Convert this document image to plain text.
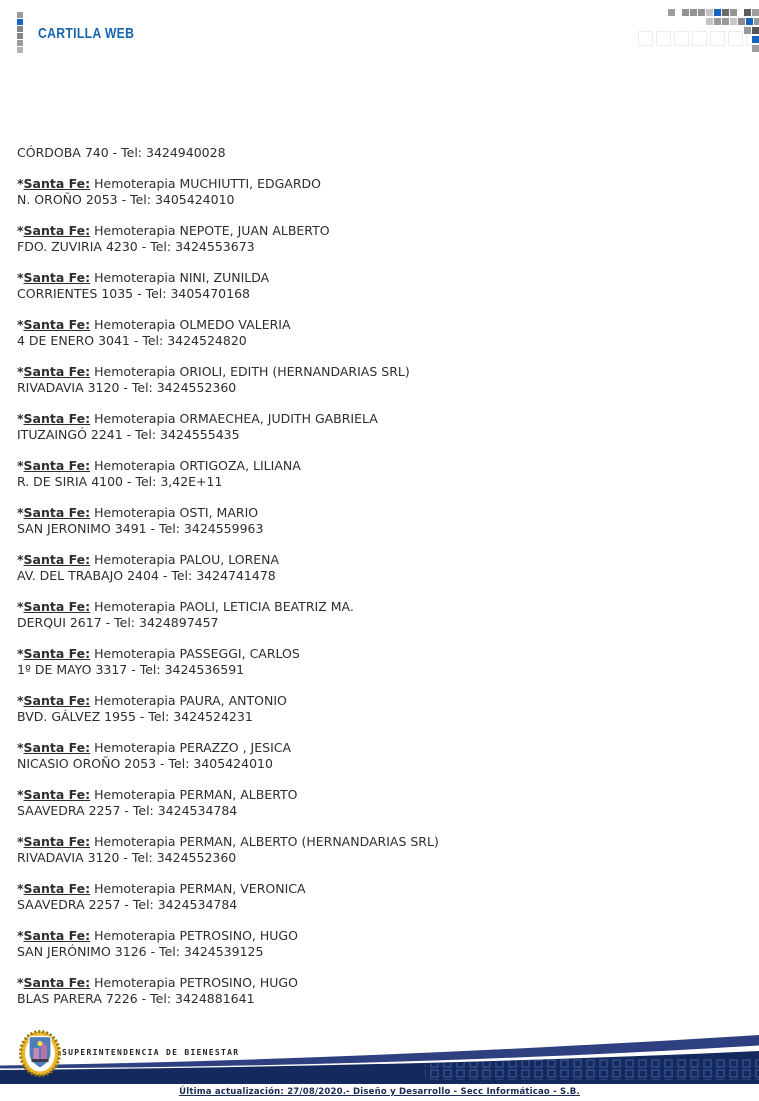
CARTILLA WEB
CÓRDOBA 740 - Tel: 3424940028
*Santa Fe: Hemoterapia MUCHIUTTI, EDGARDO
N. OROÑO 2053 - Tel: 3405424010
*Santa Fe: Hemoterapia NEPOTE, JUAN ALBERTO
FDO. ZUVIRIA 4230 - Tel: 3424553673
*Santa Fe: Hemoterapia NINI, ZUNILDA
CORRIENTES 1035 - Tel: 3405470168
*Santa Fe: Hemoterapia OLMEDO VALERIA
4 DE ENERO 3041 - Tel: 3424524820
*Santa Fe: Hemoterapia ORIOLI, EDITH (HERNANDARIAS SRL)
RIVADAVIA 3120 - Tel: 3424552360
*Santa Fe: Hemoterapia ORMAECHEA, JUDITH GABRIELA
ITUZAINGÓ 2241 - Tel: 3424555435
*Santa Fe: Hemoterapia ORTIGOZA, LILIANA
R. DE SIRIA 4100 - Tel: 3,42E+11
*Santa Fe: Hemoterapia OSTI, MARIO
SAN JERONIMO 3491 - Tel: 3424559963
*Santa Fe: Hemoterapia PALOU, LORENA
AV. DEL TRABAJO 2404 - Tel: 3424741478
*Santa Fe: Hemoterapia PAOLI, LETICIA BEATRIZ MA.
DERQUI 2617 - Tel: 3424897457
*Santa Fe: Hemoterapia PASSEGGI, CARLOS
1º DE MAYO 3317 - Tel: 3424536591
*Santa Fe: Hemoterapia PAURA, ANTONIO
BVD. GÁLVEZ 1955 - Tel: 3424524231
*Santa Fe: Hemoterapia PERAZZO , JESICA
NICASIO OROÑO 2053 - Tel: 3405424010
*Santa Fe: Hemoterapia PERMAN, ALBERTO
SAAVEDRA 2257 - Tel: 3424534784
*Santa Fe: Hemoterapia PERMAN, ALBERTO (HERNANDARIAS SRL)
RIVADAVIA 3120 - Tel: 3424552360
*Santa Fe: Hemoterapia PERMAN, VERONICA
SAAVEDRA 2257 - Tel: 3424534784
*Santa Fe: Hemoterapia PETROSINO, HUGO
SAN JERÓNIMO 3126 - Tel: 3424539125
*Santa Fe: Hemoterapia PETROSINO, HUGO
BLAS PARERA 7226 - Tel: 3424881641
SUPERINTENDENCIA DE BIENESTAR
Última actualización: 27/08/2020.- Diseño y Desarrollo - Secc Informáticao - S.B.
